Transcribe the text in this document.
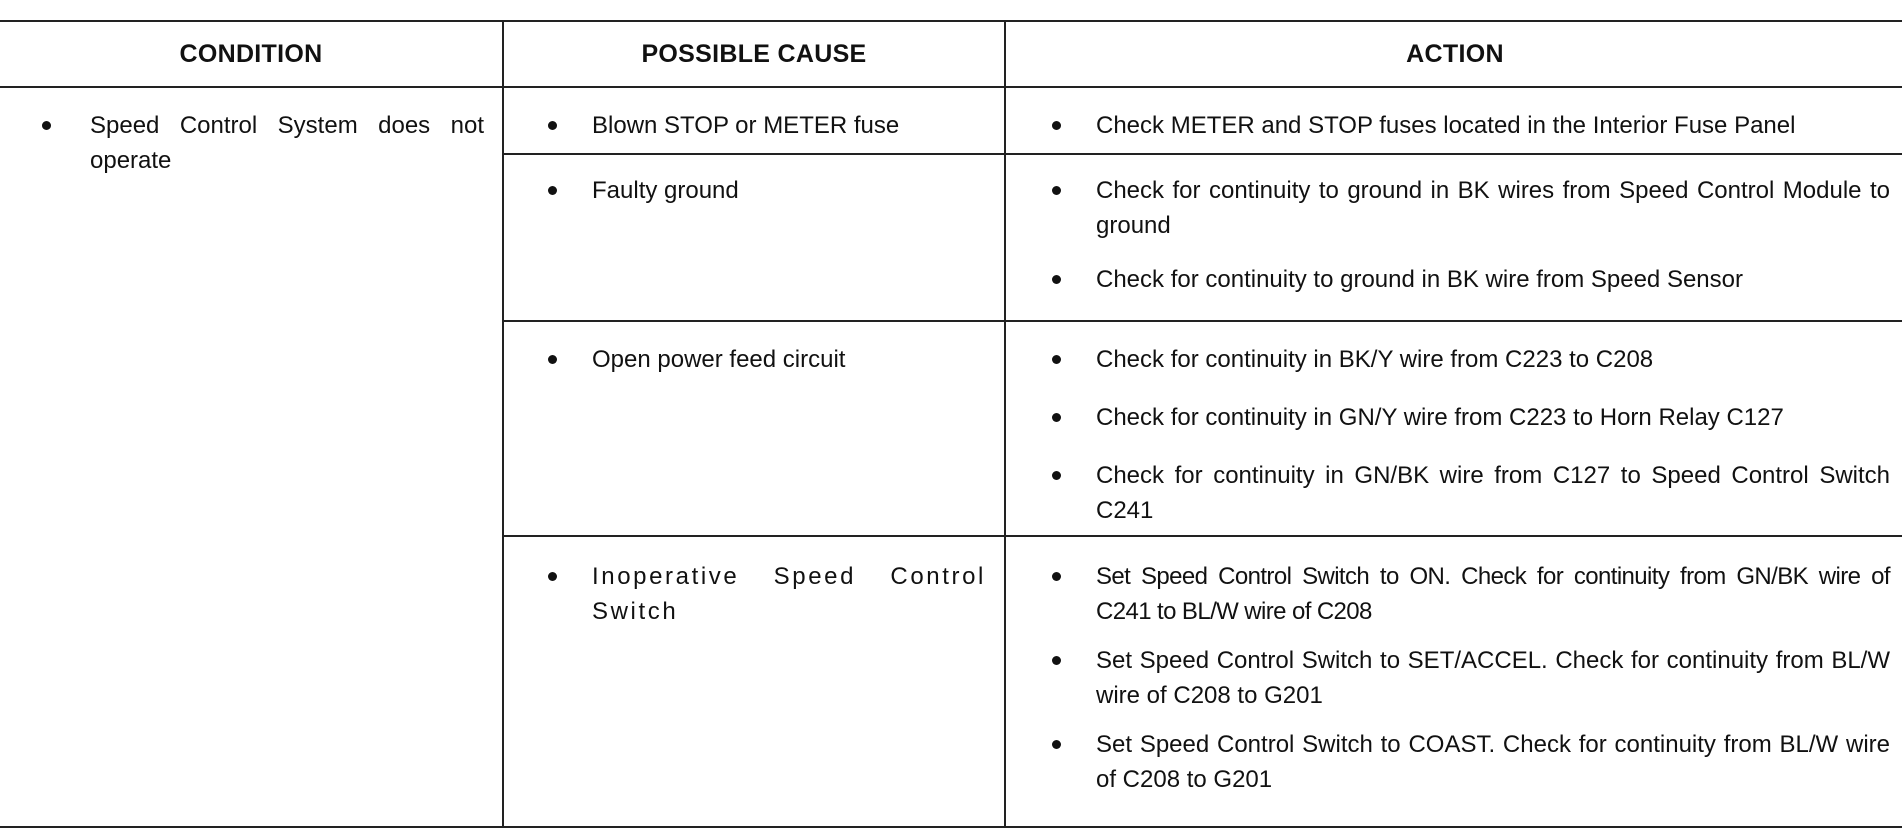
CONDITION
Speed Control System does not operate
POSSIBLE CAUSE
Blown STOP or METER fuse
Faulty ground
Open power feed circuit
Inoperative Speed Control Switch
ACTION
Check METER and STOP fuses located in the Interior Fuse Panel
Check for continuity to ground in BK wires from Speed Control Module to ground
Check for continuity to ground in BK wire from Speed Sensor
Check for continuity in BK/Y wire from C223 to C208
Check for continuity in GN/Y wire from C223 to Horn Relay C127
Check for continuity in GN/BK wire from C127 to Speed Control Switch C241
Set Speed Control Switch to ON. Check for continuity from GN/BK wire of C241 to BL/W wire of C208
Set Speed Control Switch to SET/ACCEL. Check for continuity from BL/W wire of C208 to G201
Set Speed Control Switch to COAST. Check for continuity from BL/W wire of C208 to G201
